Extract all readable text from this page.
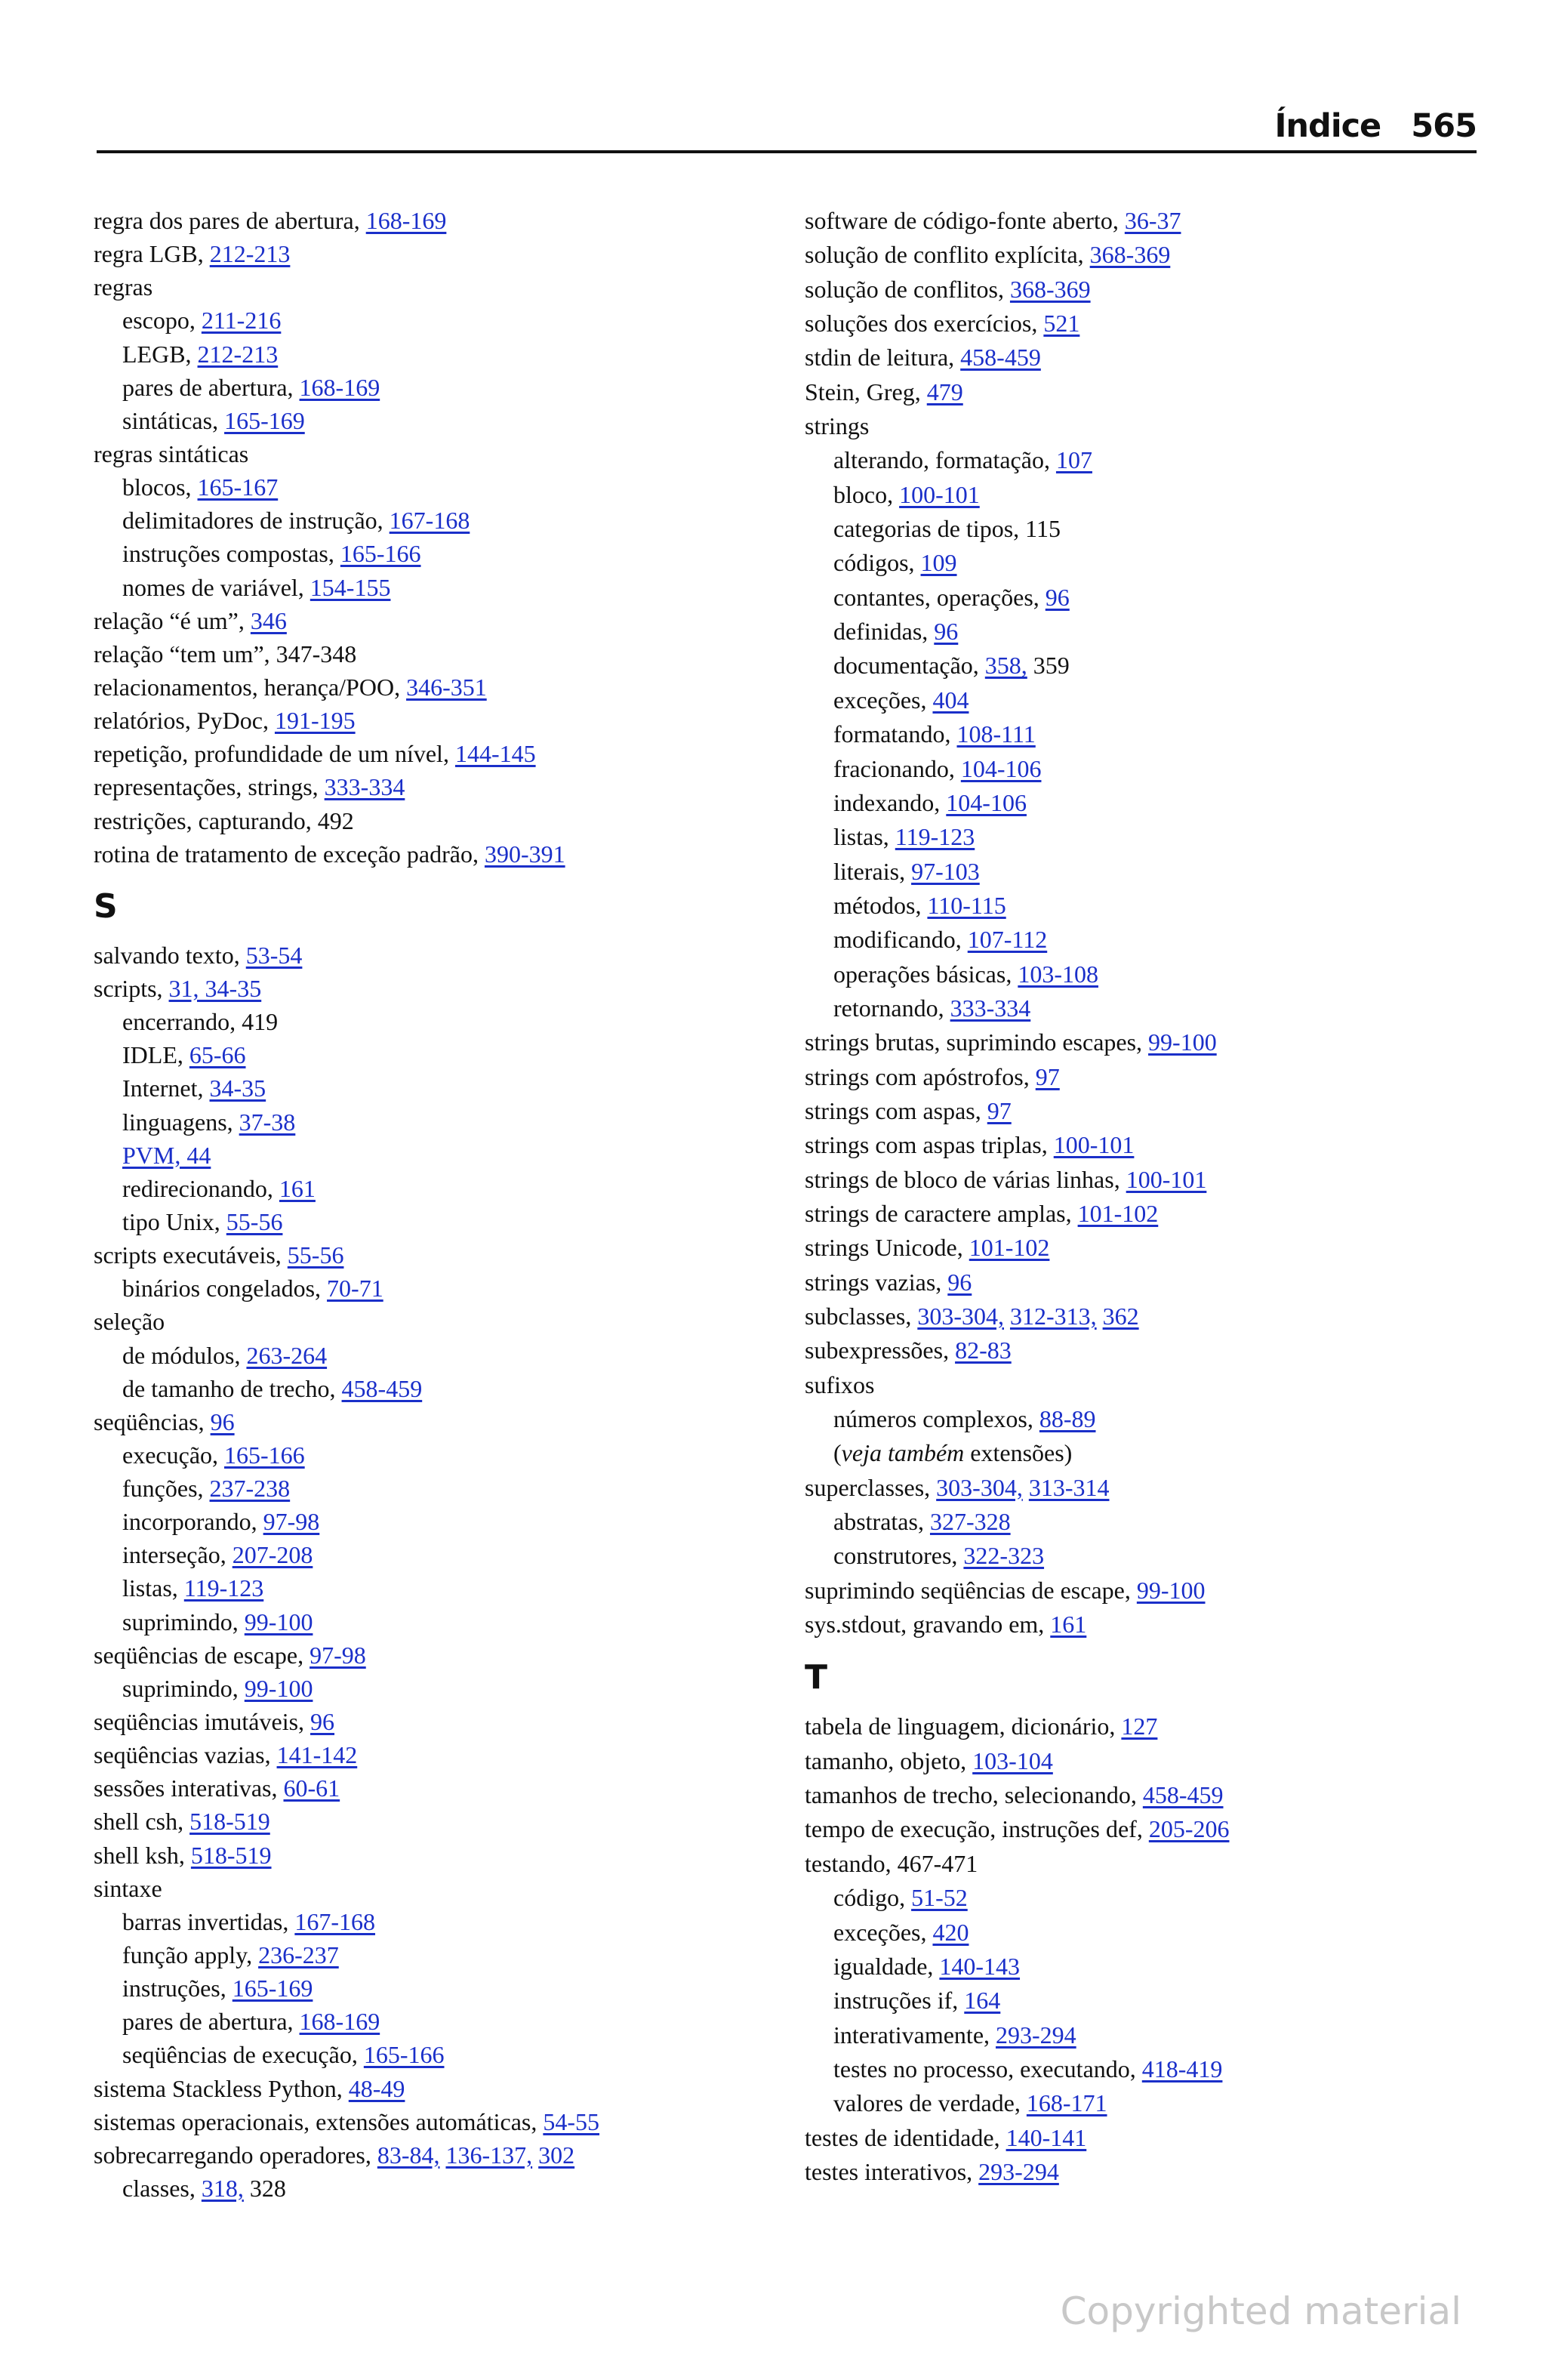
Índice 565
regra dos pares de abertura, 168-169
regra LGB, 212-213
regras
escopo, 211-216
LEGB, 212-213
pares de abertura, 168-169
sintáticas, 165-169
regras sintáticas
blocos, 165-167
delimitadores de instrução, 167-168
instruções compostas, 165-166
nomes de variável, 154-155
relação “é um”, 346
relação “tem um”, 347-348
relacionamentos, herança/POO, 346-351
relatórios, PyDoc, 191-195
repetição, profundidade de um nível, 144-145
representações, strings, 333-334
restrições, capturando, 492
rotina de tratamento de exceção padrão, 390-391
S
salvando texto, 53-54
scripts, 31, 34-35
encerrando, 419
IDLE, 65-66
Internet, 34-35
linguagens, 37-38
PVM, 44
redirecionando, 161
tipo Unix, 55-56
scripts executáveis, 55-56
binários congelados, 70-71
seleção
de módulos, 263-264
de tamanho de trecho, 458-459
seqüências, 96
execução, 165-166
funções, 237-238
incorporando, 97-98
interseção, 207-208
listas, 119-123
suprimindo, 99-100
seqüências de escape, 97-98
suprimindo, 99-100
seqüências imutáveis, 96
seqüências vazias, 141-142
sessões interativas, 60-61
shell csh, 518-519
shell ksh, 518-519
sintaxe
barras invertidas, 167-168
função apply, 236-237
instruções, 165-169
pares de abertura, 168-169
seqüências de execução, 165-166
sistema Stackless Python, 48-49
sistemas operacionais, extensões automáticas, 54-55
sobrecarregando operadores, 83-84, 136-137, 302
classes, 318, 328
software de código-fonte aberto, 36-37
solução de conflito explícita, 368-369
solução de conflitos, 368-369
soluções dos exercícios, 521
stdin de leitura, 458-459
Stein, Greg, 479
strings
alterando, formatação, 107
bloco, 100-101
categorias de tipos, 115
códigos, 109
contantes, operações, 96
definidas, 96
documentação, 358, 359
exceções, 404
formatando, 108-111
fracionando, 104-106
indexando, 104-106
listas, 119-123
literais, 97-103
métodos, 110-115
modificando, 107-112
operações básicas, 103-108
retornando, 333-334
strings brutas, suprimindo escapes, 99-100
strings com apóstrofos, 97
strings com aspas, 97
strings com aspas triplas, 100-101
strings de bloco de várias linhas, 100-101
strings de caractere amplas, 101-102
strings Unicode, 101-102
strings vazias, 96
subclasses, 303-304, 312-313, 362
subexpressões, 82-83
sufixos
números complexos, 88-89
(veja também extensões)
superclasses, 303-304, 313-314
abstratas, 327-328
construtores, 322-323
suprimindo seqüências de escape, 99-100
sys.stdout, gravando em, 161
T
tabela de linguagem, dicionário, 127
tamanho, objeto, 103-104
tamanhos de trecho, selecionando, 458-459
tempo de execução, instruções def, 205-206
testando, 467-471
código, 51-52
exceções, 420
igualdade, 140-143
instruções if, 164
interativamente, 293-294
testes no processo, executando, 418-419
valores de verdade, 168-171
testes de identidade, 140-141
testes interativos, 293-294
Copyrighted material
